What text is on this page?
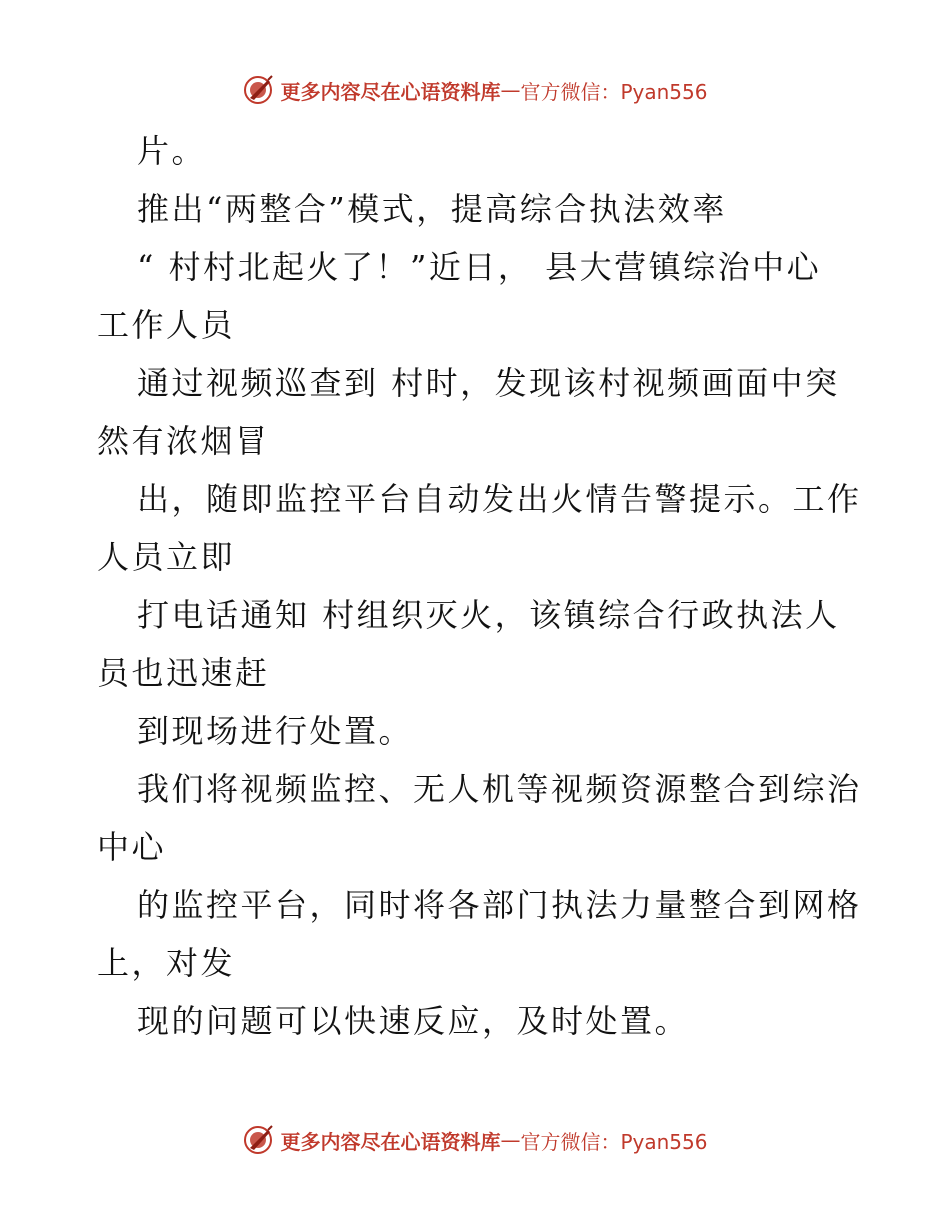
更多内容尽在心语资料库 — 官方微信：Pyan556
片。
推出“两整合”模式，提高综合执法效率
“ 村村北起火了！”近日， 县大营镇综治中心
工作人员
通过视频巡查到 村时，发现该村视频画面中突
然有浓烟冒
出，随即监控平台自动发出火情告警提示。工作
人员立即
打电话通知 村组织灭火，该镇综合行政执法人
员也迅速赶
到现场进行处置。
我们将视频监控、无人机等视频资源整合到综治
中心
的监控平台，同时将各部门执法力量整合到网格
上，对发
现的问题可以快速反应，及时处置。
更多内容尽在心语资料库 — 官方微信：Pyan556
